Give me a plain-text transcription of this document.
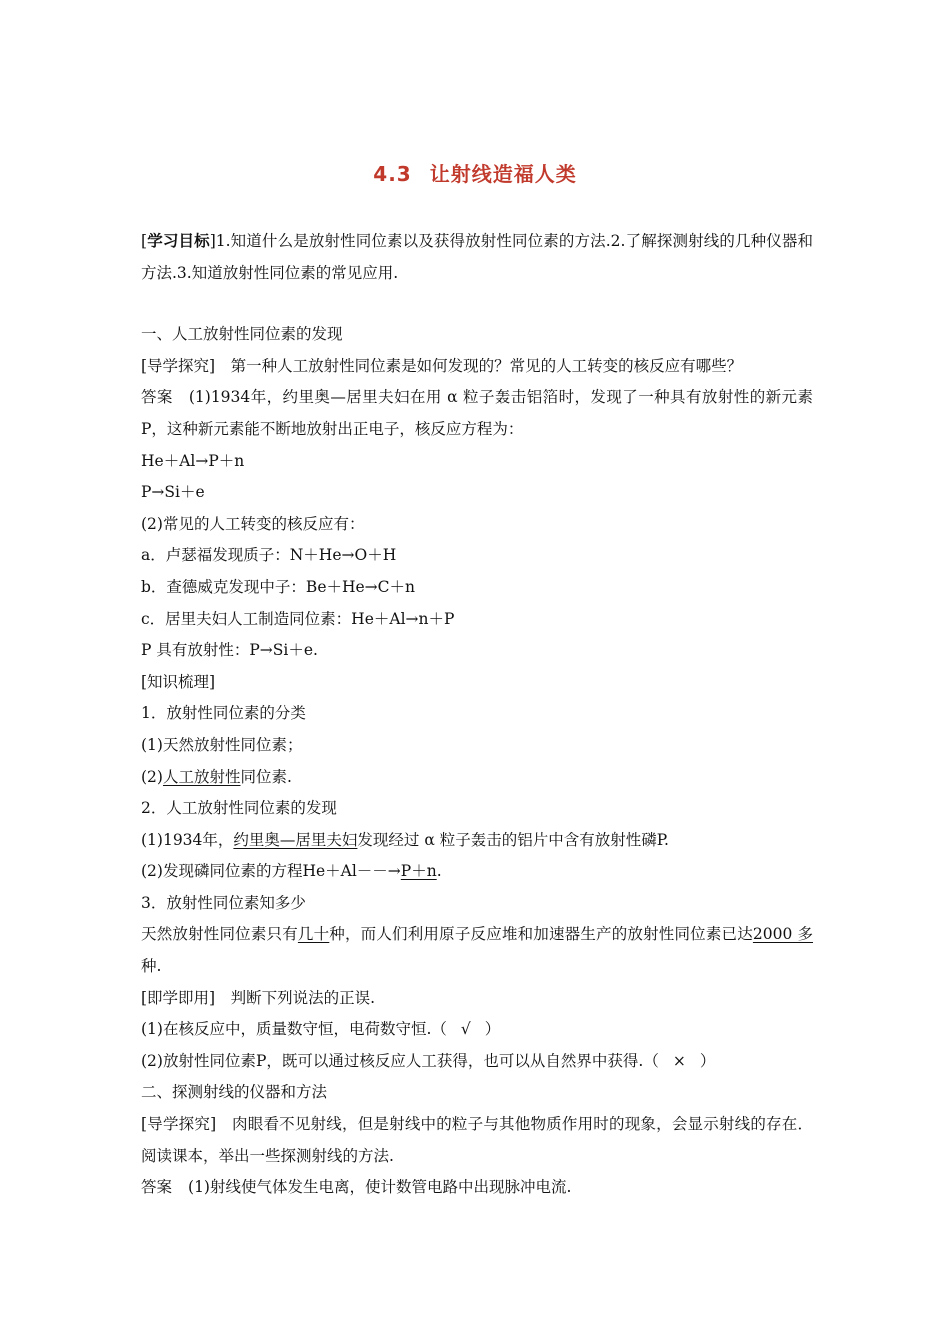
4.3 让射线造福人类
[学习目标]1.知道什么是放射性同位素以及获得放射性同位素的方法.2.了解探测射线的几种仪器和方法.3.知道放射性同位素的常见应用.
一、人工放射性同位素的发现
[导学探究]　 第一种人工放射性同位素是如何发现的？常见的人工转变的核反应有哪些？
答案 (1)1934年，约里奥—居里夫妇在用 α 粒子轰击铝箔时，发现了一种具有放射性的新元素P，这种新元素能不断地放射出正电子，核反应方程为：
He＋Al→P＋n
P→Si＋e
(2)常见的人工转变的核反应有：
a．卢瑟福发现质子：N＋He→O＋H
b．查德威克发现中子：Be＋He→C＋n
c．居里夫妇人工制造同位素：He＋Al→n＋P
P 具有放射性：P→Si＋e.
[知识梳理]
1．放射性同位素的分类
(1)天然放射性同位素；
(2)人工放射性同位素.
2．人工放射性同位素的发现
(1)1934年，约里奥—居里夫妇发现经过 α 粒子轰击的铝片中含有放射性磷P.
(2)发现磷同位素的方程He＋Al－－→P＋n.
3．放射性同位素知多少
天然放射性同位素只有几十种，而人们利用原子反应堆和加速器生产的放射性同位素已达2000 多种.
[即学即用]　 判断下列说法的正误.
(1)在核反应中，质量数守恒，电荷数守恒.（ √ ）
(2)放射性同位素P，既可以通过核反应人工获得，也可以从自然界中获得.（ × ）
二、探测射线的仪器和方法
[导学探究]　 肉眼看不见射线，但是射线中的粒子与其他物质作用时的现象，会显示射线的存在．阅读课本，举出一些探测射线的方法.
答案 (1)射线使气体发生电离，使计数管电路中出现脉冲电流.
